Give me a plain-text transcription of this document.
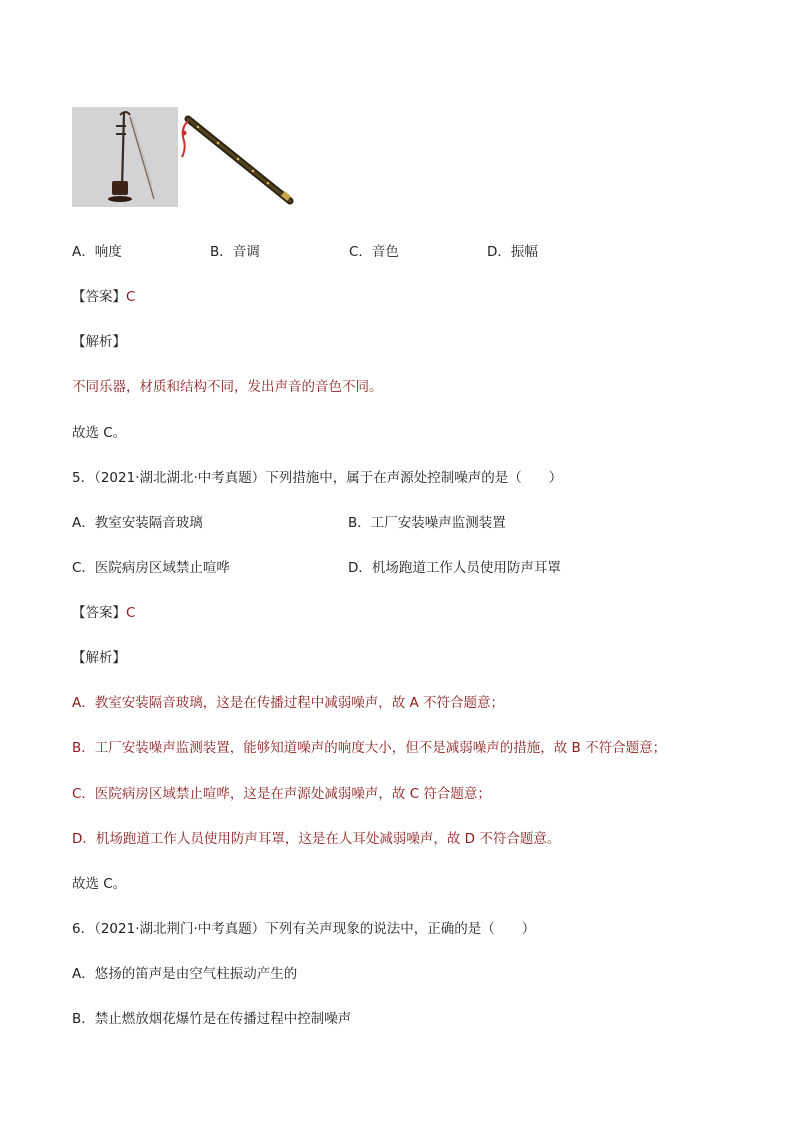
A．响度	B．音调	C．音色	D．振幅
【答案】C
【解析】
不同乐器，材质和结构不同，发出声音的音色不同。
故选 C。
5．（2021·湖北湖北·中考真题）下列措施中，属于在声源处控制噪声的是（　　）
A．教室安装隔音玻璃	B．工厂安装噪声监测装置
C．医院病房区域禁止喧哗	D．机场跑道工作人员使用防声耳罩
【答案】C
【解析】
A．教室安装隔音玻璃，这是在传播过程中减弱噪声，故 A 不符合题意；
B．工厂安装噪声监测装置，能够知道噪声的响度大小，但不是减弱噪声的措施，故 B 不符合题意；
C．医院病房区域禁止喧哗，这是在声源处减弱噪声，故 C 符合题意；
D．机场跑道工作人员使用防声耳罩，这是在人耳处减弱噪声，故 D 不符合题意。
故选 C。
6．（2021·湖北荆门·中考真题）下列有关声现象的说法中，正确的是（　　）
A．悠扬的笛声是由空气柱振动产生的
B．禁止燃放烟花爆竹是在传播过程中控制噪声
